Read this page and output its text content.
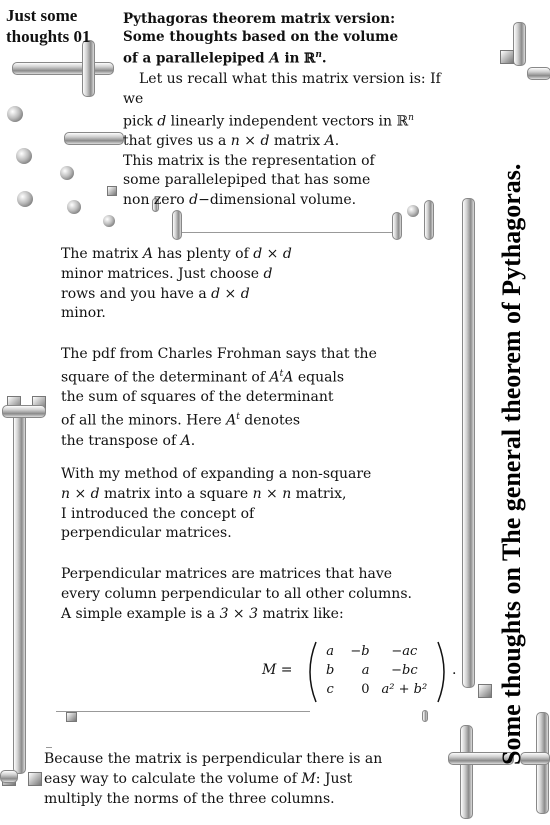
Just some
thoughts 01
Pythagoras theorem matrix version:
Some thoughts based on the volume
of a parallelepiped A in ℝ$^n$.
Let us recall what this matrix version is: If we
pick d linearly independent vectors in ℝ$^n$
that gives us a n × d matrix A.
This matrix is the representation of
some parallelepiped that has some
non zero d−dimensional volume.
The matrix A has plenty of d × d
minor matrices. Just choose d
rows and you have a d × d
minor.
The pdf from Charles Frohman says that the
square of the determinant of $A^tA$ equals
the sum of squares of the determinant
of all the minors. Here $A^t$ denotes
the transpose of A.
With my method of expanding a non-square
n × d matrix into a square n × n matrix,
I introduced the concept of
perpendicular matrices.
Perpendicular matrices are matrices that have
every column perpendicular to all other columns.
A simple example is a 3 × 3 matrix like:
M =
a	−b	−ac
b	a	−bc
c	0	a² + b²
.
Because the matrix is perpendicular there is an
easy way to calculate the volume of M: Just
multiply the norms of the three columns.
Some thoughts on The general theorem of Pythagoras.
